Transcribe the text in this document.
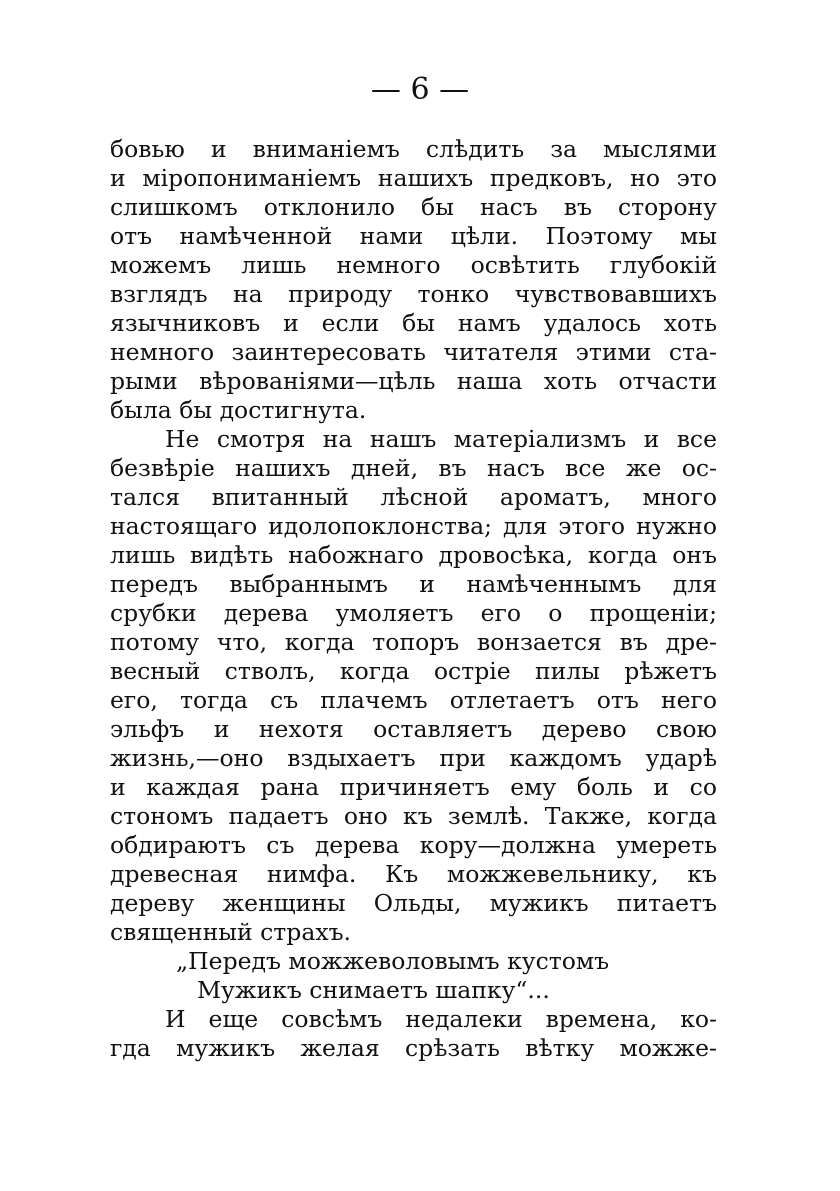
— 6 —
бовью и вниманіемъ слѣдить за мыслями
и міропониманіемъ нашихъ предковъ, но это
слишкомъ отклонило бы насъ въ сторону
отъ намѣченной нами цѣли. Поэтому мы
можемъ лишь немного освѣтить глубокій
взглядъ на природу тонко чувствовавшихъ
язычниковъ и если бы намъ удалось хоть
немного заинтересовать читателя этими ста-
рыми вѣрованіями—цѣль наша хоть отчасти
была бы достигнута.
Не смотря на нашъ матеріализмъ и все
безвѣріе нашихъ дней, въ насъ все же ос-
тался впитанный лѣсной ароматъ, много
настоящаго идолопоклонства; для этого нужно
лишь видѣть набожнаго дровосѣка, когда онъ
передъ выбраннымъ и намѣченнымъ для
срубки дерева умоляетъ его о прощеніи;
потому что, когда топоръ вонзается въ дре-
весный стволъ, когда остріе пилы рѣжетъ
его, тогда съ плачемъ отлетаетъ отъ него
эльфъ и нехотя оставляетъ дерево свою
жизнь,—оно вздыхаетъ при каждомъ ударѣ
и каждая рана причиняетъ ему боль и со
стономъ падаетъ оно къ землѣ. Также, когда
обдираютъ съ дерева кору—должна умереть
древесная нимфа. Къ можжевельнику, къ
дереву женщины Ольды, мужикъ питаетъ
священный страхъ.
„Передъ можжеволовымъ кустомъ
Мужикъ снимаетъ шапку“...
И еще совсѣмъ недалеки времена, ко-
гда мужикъ желая срѣзать вѣтку можже-
